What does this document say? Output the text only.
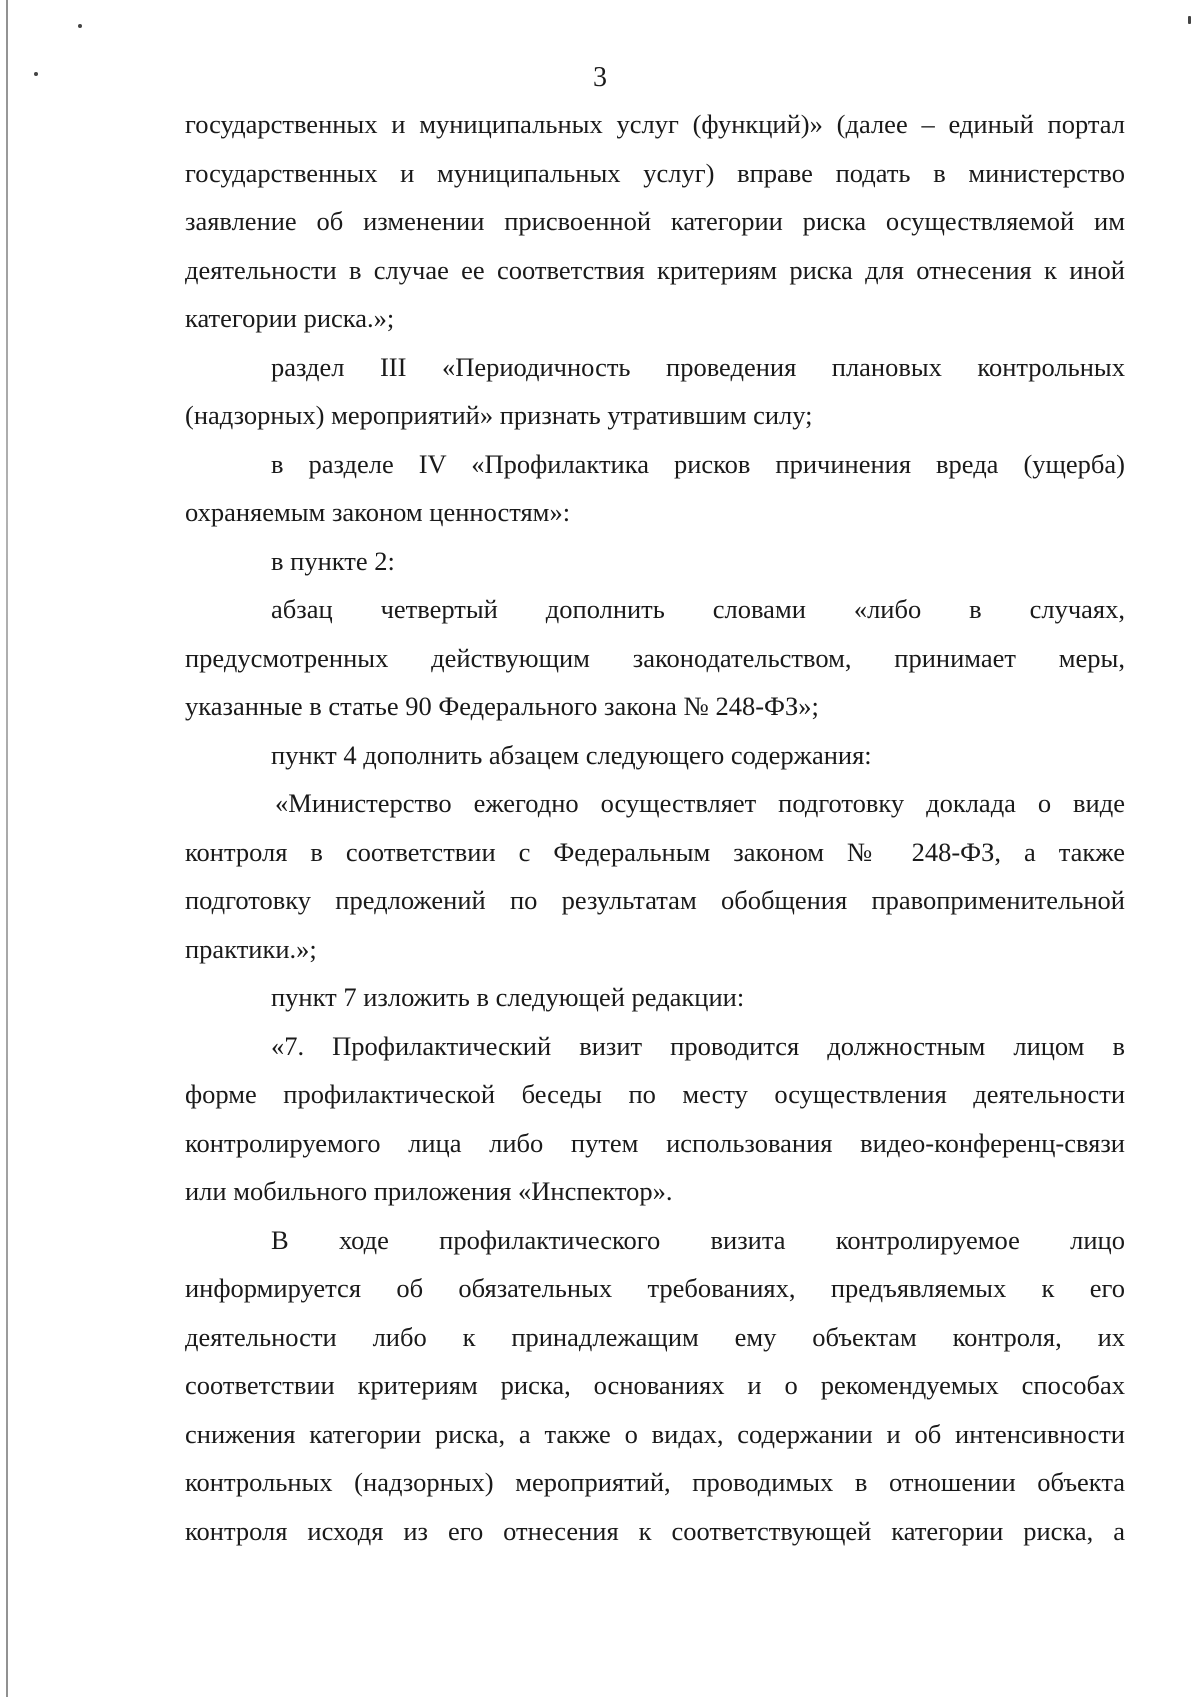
3
государственных и муниципальных услуг (функций)» (далее – единый портал
государственных и муниципальных услуг) вправе подать в министерство
заявление об изменении присвоенной категории риска осуществляемой им
деятельности в случае ее соответствия критериям риска для отнесения к иной
категории риска.»;
раздел III «Периодичность проведения плановых контрольных
(надзорных) мероприятий» признать утратившим силу;
в разделе IV «Профилактика рисков причинения вреда (ущерба)
охраняемым законом ценностям»:
в пункте 2:
абзац четвертый дополнить словами «либо в случаях,
предусмотренных действующим законодательством, принимает меры,
указанные в статье 90 Федерального закона № 248-ФЗ»;
пункт 4 дополнить абзацем следующего содержания:
«Министерство ежегодно осуществляет подготовку доклада о виде
контроля в соответствии с Федеральным законом № 248-ФЗ, а также
подготовку предложений по результатам обобщения правоприменительной
практики.»;
пункт 7 изложить в следующей редакции:
«7. Профилактический визит проводится должностным лицом в
форме профилактической беседы по месту осуществления деятельности
контролируемого лица либо путем использования видео-конференц-связи
или мобильного приложения «Инспектор».
В ходе профилактического визита контролируемое лицо
информируется об обязательных требованиях, предъявляемых к его
деятельности либо к принадлежащим ему объектам контроля, их
соответствии критериям риска, основаниях и о рекомендуемых способах
снижения категории риска, а также о видах, содержании и об интенсивности
контрольных (надзорных) мероприятий, проводимых в отношении объекта
контроля исходя из его отнесения к соответствующей категории риска, а
